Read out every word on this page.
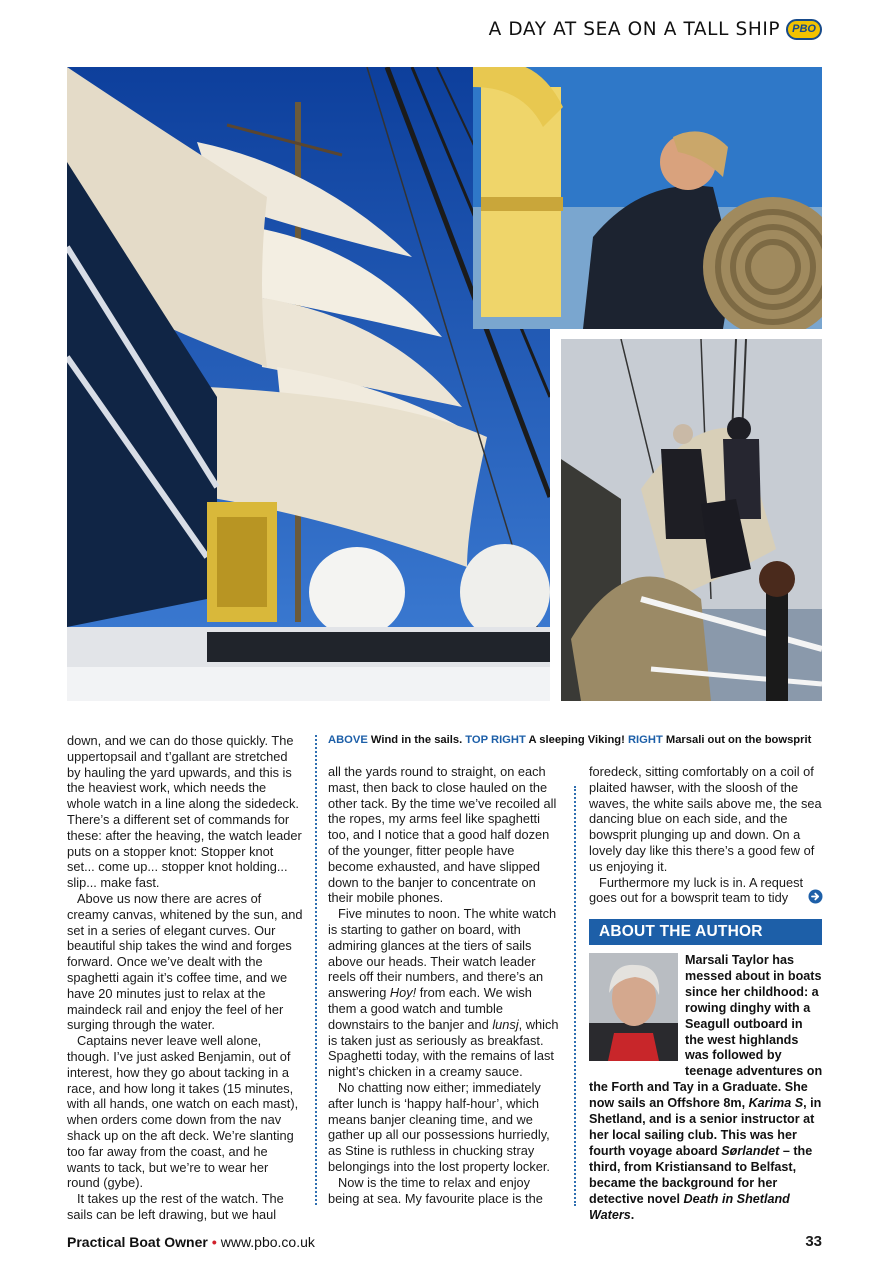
A DAY AT SEA ON A TALL SHIP	PBO
ABOVE Wind in the sails. TOP RIGHT A sleeping Viking! RIGHT Marsali out on the bowsprit

down, and we can do those quickly. The uppertopsail and t’gallant are stretched by hauling the yard upwards, and this is the heaviest work, which needs the whole watch in a line along the sidedeck. There’s a different set of commands for these: after the heaving, the watch leader puts on a stopper knot: Stopper knot set... come up... stopper knot holding... slip... make fast.

Above us now there are acres of creamy canvas, whitened by the sun, and set in a series of elegant curves. Our beautiful ship takes the wind and forges forward. Once we’ve dealt with the spaghetti again it’s coffee time, and we have 20 minutes just to relax at the maindeck rail and enjoy the feel of her surging through the water.

Captains never leave well alone, though. I’ve just asked Benjamin, out of interest, how they go about tacking in a race, and how long it takes (15 minutes, with all hands, one watch on each mast), when orders come down from the nav shack up on the aft deck. We’re slanting too far away from the coast, and he wants to tack, but we’re to wear her round (gybe).

It takes up the rest of the watch. The sails can be left drawing, but we haul

all the yards round to straight, on each mast, then back to close hauled on the other tack. By the time we’ve recoiled all the ropes, my arms feel like spaghetti too, and I notice that a good half dozen of the younger, fitter people have become exhausted, and have slipped down to the banjer to concentrate on their mobile phones.

Five minutes to noon. The white watch is starting to gather on board, with admiring glances at the tiers of sails above our heads. Their watch leader reels off their numbers, and there’s an answering Hoy! from each. We wish them a good watch and tumble downstairs to the banjer and lunsj, which is taken just as seriously as breakfast. Spaghetti today, with the remains of last night’s chicken in a creamy sauce.

No chatting now either; immediately after lunch is ‘happy half-hour’, which means banjer cleaning time, and we gather up all our possessions hurriedly, as Stine is ruthless in chucking stray belongings into the lost property locker.

Now is the time to relax and enjoy being at sea. My favourite place is the

foredeck, sitting comfortably on a coil of plaited hawser, with the sloosh of the waves, the white sails above me, the sea dancing blue on each side, and the bowsprit plunging up and down. On a lovely day like this there’s a good few of us enjoying it.

Furthermore my luck is in. A request goes out for a bowsprit team to tidy

ABOUT THE AUTHOR
Marsali Taylor has messed about in boats since her childhood: a rowing dinghy with a Seagull outboard in the west highlands was followed by teenage adventures on the Forth and Tay in a Graduate. She now sails an Offshore 8m, Karima S, in Shetland, and is a senior instructor at her local sailing club. This was her fourth voyage aboard Sørlandet – the third, from Kristiansand to Belfast, became the background for her detective novel Death in Shetland Waters.
Practical Boat Owner • www.pbo.co.uk	33
